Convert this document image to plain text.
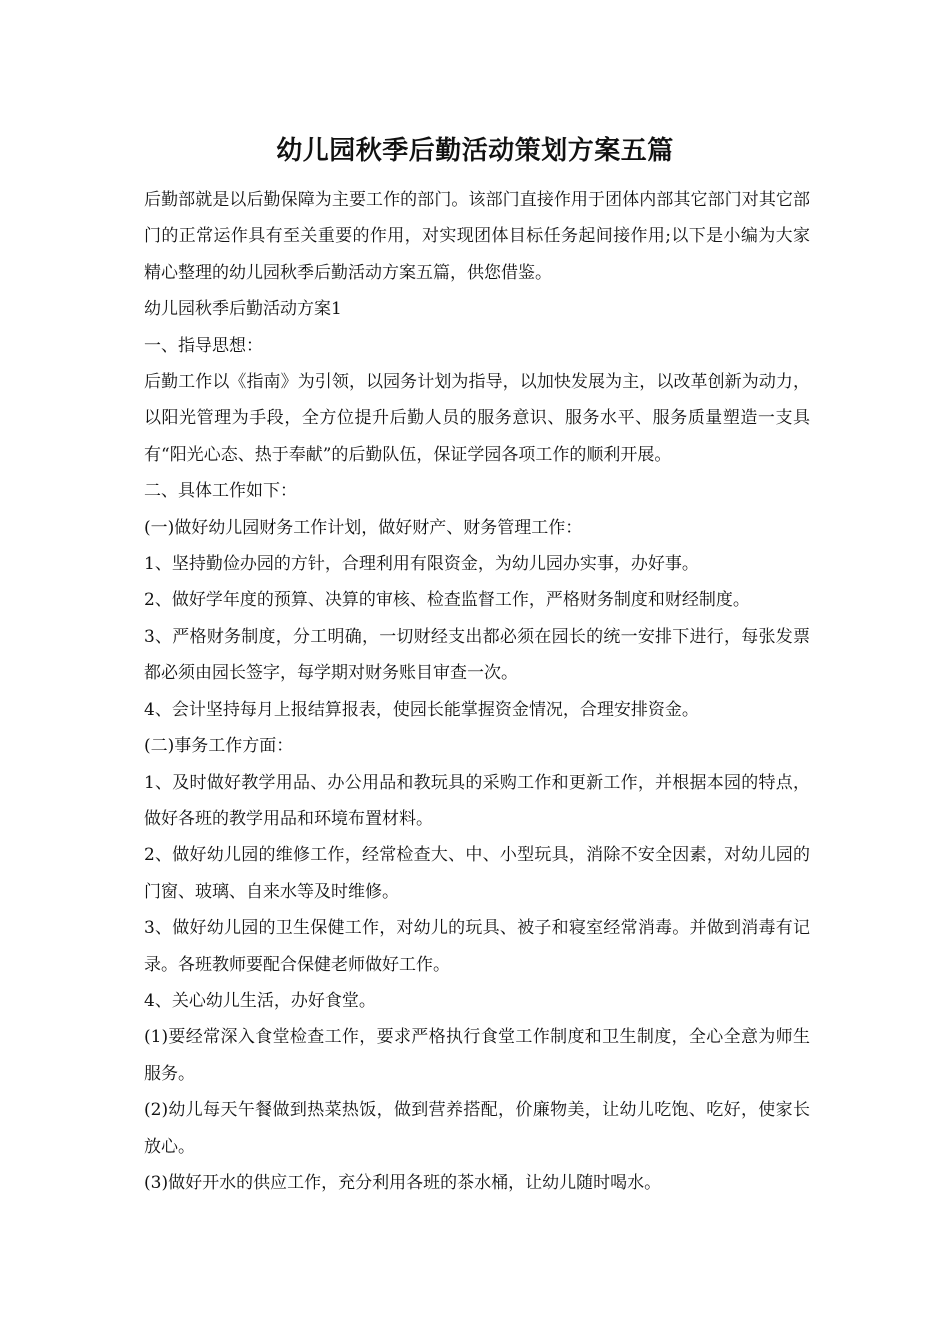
幼儿园秋季后勤活动策划方案五篇

后勤部就是以后勤保障为主要工作的部门。该部门直接作用于团体内部其它部门对其它部门的正常运作具有至关重要的作用，对实现团体目标任务起间接作用;以下是小编为大家精心整理的幼儿园秋季后勤活动方案五篇，供您借鉴。

幼儿园秋季后勤活动方案1

一、指导思想：

后勤工作以《指南》为引领，以园务计划为指导，以加快发展为主，以改革创新为动力，以阳光管理为手段，全方位提升后勤人员的服务意识、服务水平、服务质量塑造一支具有“阳光心态、热于奉献”的后勤队伍，保证学园各项工作的顺利开展。

二、具体工作如下：

(一)做好幼儿园财务工作计划，做好财产、财务管理工作：

1、坚持勤俭办园的方针，合理利用有限资金，为幼儿园办实事，办好事。

2、做好学年度的预算、决算的审核、检查监督工作，严格财务制度和财经制度。

3、严格财务制度，分工明确，一切财经支出都必须在园长的统一安排下进行，每张发票都必须由园长签字，每学期对财务账目审查一次。

4、会计坚持每月上报结算报表，使园长能掌握资金情况，合理安排资金。

(二)事务工作方面：

1、及时做好教学用品、办公用品和教玩具的采购工作和更新工作，并根据本园的特点，做好各班的教学用品和环境布置材料。

2、做好幼儿园的维修工作，经常检查大、中、小型玩具，消除不安全因素，对幼儿园的门窗、玻璃、自来水等及时维修。

3、做好幼儿园的卫生保健工作，对幼儿的玩具、被子和寝室经常消毒。并做到消毒有记录。各班教师要配合保健老师做好工作。

4、关心幼儿生活，办好食堂。

(1)要经常深入食堂检查工作，要求严格执行食堂工作制度和卫生制度，全心全意为师生服务。

(2)幼儿每天午餐做到热菜热饭，做到营养搭配，价廉物美，让幼儿吃饱、吃好，使家长放心。

(3)做好开水的供应工作，充分利用各班的茶水桶，让幼儿随时喝水。
